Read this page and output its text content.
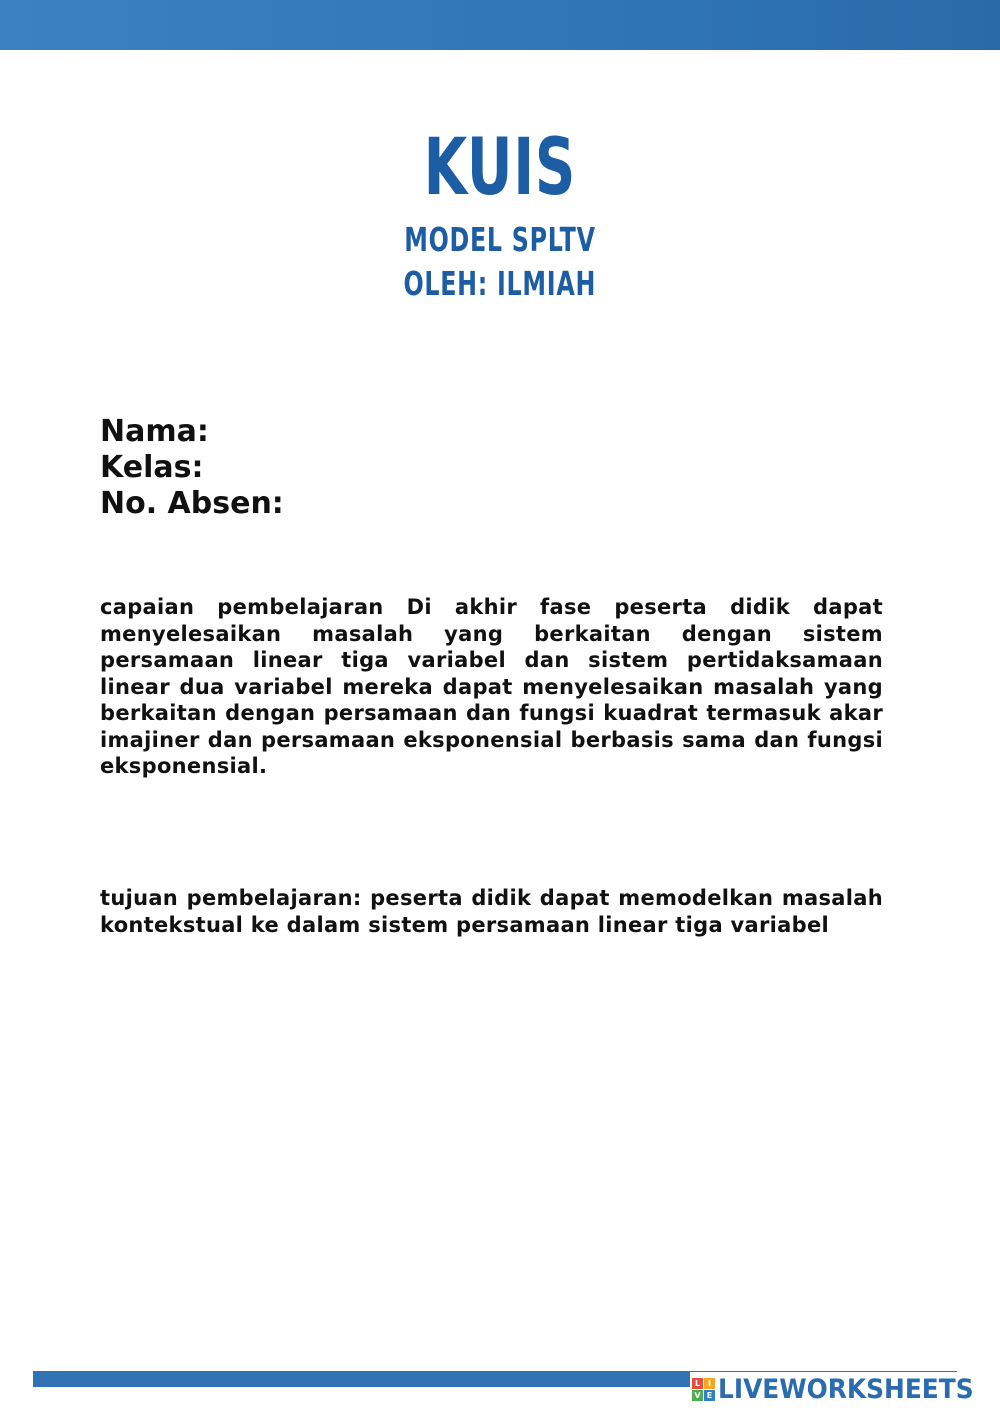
KUIS
MODEL SPLTV
OLEH: ILMIAH
Nama:
Kelas:
No. Absen:
capaian pembelajaran Di akhir fase peserta didik dapat menyelesaikan masalah yang berkaitan dengan sistem persamaan linear tiga variabel dan sistem pertidaksamaan linear dua variabel mereka dapat menyelesaikan masalah yang berkaitan dengan persamaan dan fungsi kuadrat termasuk akar imajiner dan persamaan eksponensial berbasis sama dan fungsi eksponensial.
tujuan pembelajaran: peserta didik dapat memodelkan masalah kontekstual ke dalam sistem persamaan linear tiga variabel
L I
V E LIVEWORKSHEETS
